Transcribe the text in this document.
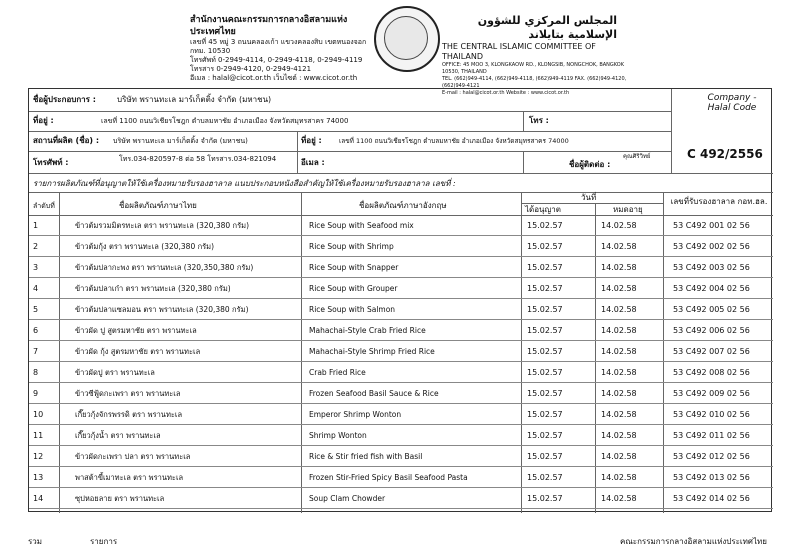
สำนักงานคณะกรรมการกลางอิสลามแห่งประเทศไทย
เลขที่ 45 หมู่ 3 ถนนคลองเก้า แขวงคลองสิบ เขตหนองจอก กทม. 10530
โทรศัพท์ 0-2949-4114, 0-2949-4118, 0-2949-4119 โทรสาร 0-2949-4120, 0-2949-4121
อีเมล : halal@cicot.or.th เว็บไซต์ : www.cicot.or.th
المجلس المركزي للشؤون الإسلامية بتايلاند
THE CENTRAL ISLAMIC COMMITTEE OF THAILAND
OFFICE: 45 MOO 3, KLONGKAOW RD., KLONGSIB, NONGCHOK, BANGKOK 10530, THAILAND
TEL. (662)949-4114, (662)949-4118, (662)949-4119 FAX. (662)949-4120, (662)949-4121
E-mail : halal@cicot.or.th Website : www.cicot.or.th
ชื่อผู้ประกอบการ :	บริษัท พรานทะเล มาร์เก็ตติ้ง จำกัด (มหาชน)
ที่อยู่ :	เลขที่ 1100 ถนนวิเชียรโชฎก ตำบลมหาชัย อำเภอเมือง จังหวัดสมุทรสาคร 74000	โทร :
สถานที่ผลิต (ชื่อ) : บริษัท พรานทะเล มาร์เก็ตติ้ง จำกัด (มหาชน)	ที่อยู่ :	เลขที่ 1100 ถนนวิเชียรโชฎก ตำบลมหาชัย อำเภอเมือง จังหวัดสมุทรสาคร 74000
โทรศัพท์ :	โทร.034-820597-8 ต่อ 58 โทรสาร.034-821094	อีเมล :	ชื่อผู้ติดต่อ :
คุณศิริวิทย์
Company - Halal Code
C 492/2556
รายการผลิตภัณฑ์ที่อนุญาตให้ใช้เครื่องหมายรับรองฮาลาล แนบประกอบหนังสือสำคัญให้ใช้เครื่องหมายรับรองฮาลาล เลขที่ :
ลำดับที่	ชื่อผลิตภัณฑ์ภาษาไทย	ชื่อผลิตภัณฑ์ภาษาอังกฤษ
วันที่
ได้อนุญาต	หมดอายุ
เลขที่รับรองฮาลาล กอท.ฮล.
1	ข้าวต้มรวมมิตรทะเล ตรา พรานทะเล (320,380 กรัม)	Rice Soup with Seafood mix	15.02.57	14.02.58	53 C492 001 02 56
2	ข้าวต้มกุ้ง ตรา พรานทะเล (320,380 กรัม)	Rice Soup with Shrimp	15.02.57	14.02.58	53 C492 002 02 56
3	ข้าวต้มปลากะพง ตรา พรานทะเล (320,350,380 กรัม)	Rice Soup with Snapper	15.02.57	14.02.58	53 C492 003 02 56
4	ข้าวต้มปลาเก๋า ตรา พรานทะเล (320,380 กรัม)	Rice Soup with Grouper	15.02.57	14.02.58	53 C492 004 02 56
5	ข้าวต้มปลาแซลมอน ตรา พรานทะเล (320,380 กรัม)	Rice Soup with Salmon	15.02.57	14.02.58	53 C492 005 02 56
6	ข้าวผัด ปู สูตรมหาชัย ตรา พรานทะเล	Mahachai-Style Crab Fried Rice	15.02.57	14.02.58	53 C492 006 02 56
7	ข้าวผัด กุ้ง สูตรมหาชัย ตรา พรานทะเล	Mahachai-Style Shrimp Fried Rice	15.02.57	14.02.58	53 C492 007 02 56
8	ข้าวผัดปู ตรา พรานทะเล	Crab Fried Rice	15.02.57	14.02.58	53 C492 008 02 56
9	ข้าวซีฟู้ดกะเพรา ตรา พรานทะเล	Frozen Seafood Basil Sauce & Rice	15.02.57	14.02.58	53 C492 009 02 56
10	เกี๊ยวกุ้งจักรพรรดิ ตรา พรานทะเล	Emperor Shrimp Wonton	15.02.57	14.02.58	53 C492 010 02 56
11	เกี๊ยวกุ้งน้ำ ตรา พรานทะเล	Shrimp Wonton	15.02.57	14.02.58	53 C492 011 02 56
12	ข้าวผัดกะเพรา ปลา ตรา พรานทะเล	Rice & Stir fried fish with Basil	15.02.57	14.02.58	53 C492 012 02 56
13	พาสต้าขี้เมาทะเล ตรา พรานทะเล	Frozen Stir-Fried Spicy Basil Seafood Pasta	15.02.57	14.02.58	53 C492 013 02 56
14	ซุปหอยลาย ตรา พรานทะเล	Soup Clam Chowder	15.02.57	14.02.58	53 C492 014 02 56
รวม	รายการ	คณะกรรมการกลางอิสลามแห่งประเทศไทย
